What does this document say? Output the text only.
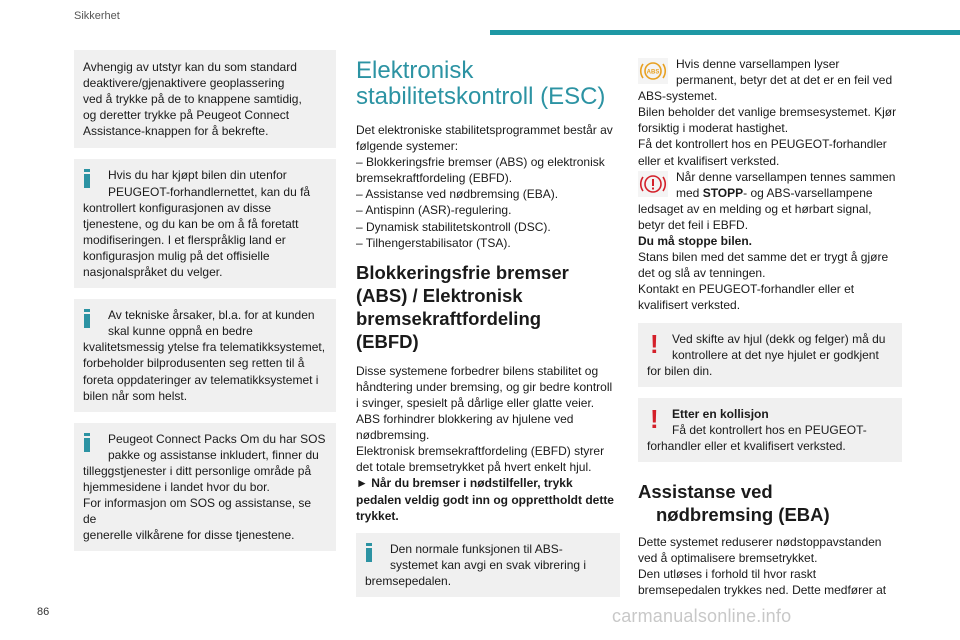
Sikkerhet

Avhengig av utstyr kan du som standard

deaktivere/gjenaktivere geoplassering

ved å trykke på de to knappene samtidig,

og deretter trykke på Peugeot Connect

Assistance-knappen for å bekrefte.

Hvis du har kjøpt bilen din utenfor
PEUGEOT-forhandlernettet, kan du få

kontrollert konfigurasjonen av disse

tjenestene, og du kan be om å få foretatt

modifiseringen. I et flerspråklig land er

konfigurasjon mulig på det offisielle

nasjonalspråket du velger.

Av tekniske årsaker, bl.a. for at kunden
skal kunne oppnå en bedre

kvalitetsmessig ytelse fra telematikksystemet,

forbeholder bilprodusenten seg retten til å

foreta oppdateringer av telematikksystemet i

bilen når som helst.

Peugeot Connect Packs Om du har SOS
pakke og assistanse inkludert, finner du

tilleggstjenester i ditt personlige område på

hjemmesidene i landet hvor du bor.

For informasjon om SOS og assistanse, se de

generelle vilkårene for disse tjenestene.

Elektronisk
stabilitetskontroll (ESC)

Det elektroniske stabilitetsprogrammet består av

følgende systemer:

– Blokkeringsfrie bremser (ABS) og elektronisk

bremsekraftfordeling (EBFD).

– Assistanse ved nødbremsing (EBA).

– Antispinn (ASR)-regulering.

– Dynamisk stabilitetskontroll (DSC).

– Tilhengerstabilisator (TSA).

Blokkeringsfrie bremser
(ABS) / Elektronisk
bremsekraftfordeling
(EBFD)

Disse systemene forbedrer bilens stabilitet og

håndtering under bremsing, og gir bedre kontroll

i svinger, spesielt på dårlige eller glatte veier.

ABS forhindrer blokkering av hjulene ved

nødbremsing.

Elektronisk bremsekraftfordeling (EBFD) styrer

det totale bremsetrykket på hvert enkelt hjul.

► Når du bremser i nødstilfeller, trykk

pedalen veldig godt inn og opprettholdt dette

trykket.

Den normale funksjonen til ABS-
systemet kan avgi en svak vibrering i

bremsepedalen.

ABS

Hvis denne varsellampen lyser

permanent, betyr det at det er en feil ved

ABS-systemet.

Bilen beholder det vanlige bremsesystemet. Kjør

forsiktig i moderat hastighet.

Få det kontrollert hos en PEUGEOT-forhandler

eller et kvalifisert verksted.

Når denne varsellampen tennes sammen

med STOPP- og ABS-varsellampene

ledsaget av en melding og et hørbart signal,

betyr det feil i EBFD.

Du må stoppe bilen.

Stans bilen med det samme det er trygt å gjøre

det og slå av tenningen.

Kontakt en PEUGEOT-forhandler eller et

kvalifisert verksted.

!	Ved skifte av hjul (dekk og felger) må du
kontrollere at det nye hjulet er godkjent

for bilen din.

!	Etter en kollisjon
Få det kontrollert hos en PEUGEOT-

forhandler eller et kvalifisert verksted.

Assistanse ved
nødbremsing (EBA)

Dette systemet reduserer nødstoppavstanden

ved å optimalisere bremsetrykket.

Den utløses i forhold til hvor raskt

bremsepedalen trykkes ned. Dette medfører at

86	carmanualsonline.info
